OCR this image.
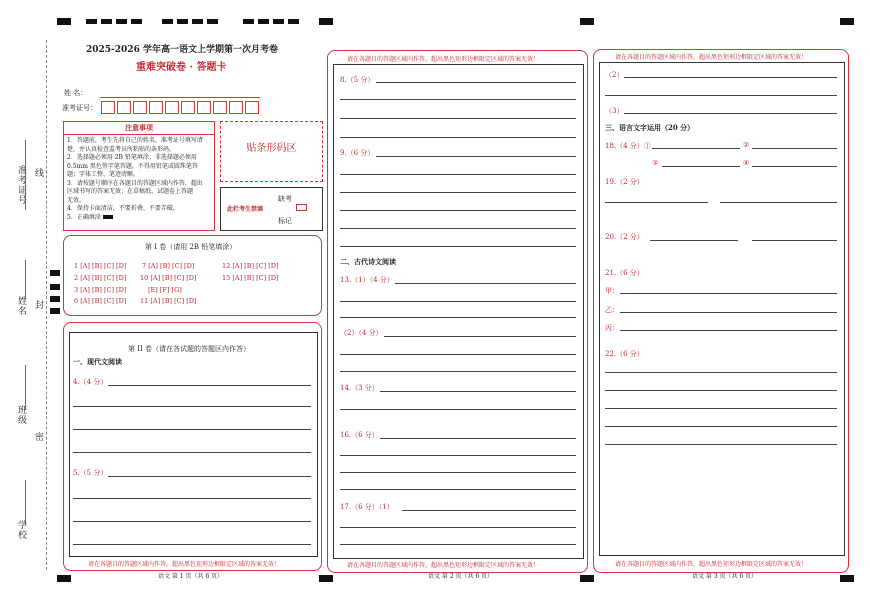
准考证号 线
姓名 封
班级
密
学校
2025-2026 学年高一语文上学期第一次月考卷
重难突破卷 · 答题卡
姓 名：
准考证号：
注意事项
1．答题前，考生先将自己的姓名，准考证号填写清
楚，并认真检查监考员所粘贴的条形码。
2．选择题必须用 2B 铅笔填涂；非选择题必须用
0.5mm 黑色签字笔答题，不得用铅笔或圆珠笔答
题；字体工整、笔迹清晰。
3．请按题号顺序在各题目的答题区域内作答，超出
区域书写的答案无效；在草稿纸、试题卷上答题
无效。
4．保持卡面清洁，不要折叠、不要弄破。
5．正确填涂
贴条形码区
此栏考生禁填
缺考
标记
第 I 卷（请用 2B 铅笔填涂）
1 [A] [B] [C] [D] 7 [A] [B] [C] [D]	12 [A] [B] [C] [D]
2 [A] [B] [C] [D] 10 [A] [B] [C] [D]	15 [A] [B] [C] [D]
3 [A] [B] [C] [D]	[E] [F] [G]
6 [A] [B] [C] [D] 11 [A] [B] [C] [D]
第 II 卷（请在各试题的答题区内作答）
一、现代文阅读
4.（4 分）
5.（5 分）
请在各题目的答题区域内作答，超出黑色矩形边框限定区域的答案无效！
语文 第 1 页（共 6 页）
请在各题目的答题区域内作答，超出黑色矩形边框限定区域的答案无效！
8.（5 分）
9.（6 分）
二、古代诗文阅读
13.（1）（4 分）
（2）（4 分）
14.（3 分）
16.（6 分）
17.（6 分）（1）
请在各题目的答题区域内作答，超出黑色矩形边框限定区域的答案无效！
语文 第 2 页（共 6 页）
请在各题目的答题区域内作答，超出黑色矩形边框限定区域的答案无效！
（2）
（3）
三、语言文字运用（20 分）
18.（4 分）①	②
③	④
19.（2 分）
20.（2 分）
21.（6 分）
甲：
乙：
丙：
22.（6 分）
请在各题目的答题区域内作答，超出黑色矩形边框限定区域的答案无效！
语文 第 3 页（共 6 页）
